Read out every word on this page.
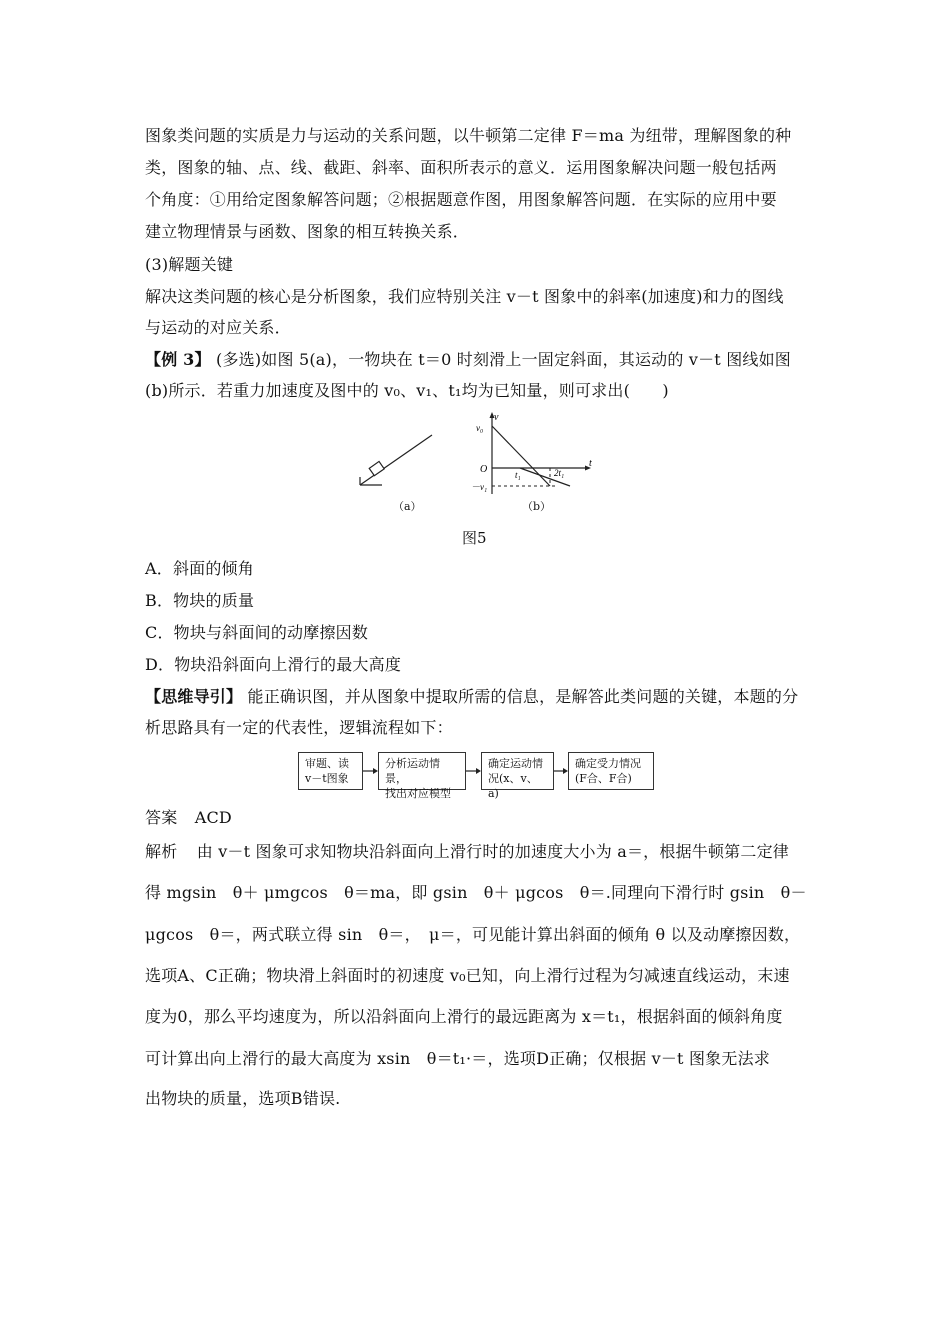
图象类问题的实质是力与运动的关系问题，以牛顿第二定律 F＝ma 为纽带，理解图象的种
类，图象的轴、点、线、截距、斜率、面积所表示的意义．运用图象解决问题一般包括两
个角度：①用给定图象解答问题；②根据题意作图，用图象解答问题．在实际的应用中要
建立物理情景与函数、图象的相互转换关系．
(3)解题关键
解决这类问题的核心是分析图象，我们应特别关注 v－t 图象中的斜率(加速度)和力的图线
与运动的对应关系．
【例 3】 (多选)如图 5(a)，一物块在 t＝0 时刻滑上一固定斜面，其运动的 v－t 图线如图
(b)所示．若重力加速度及图中的 v₀、v₁、t₁均为已知量，则可求出(　　)
（a）
v
t
v₀
－v₁
O	t₁	2t₁
（b）
图5
A．斜面的倾角
B．物块的质量
C．物块与斜面间的动摩擦因数
D．物块沿斜面向上滑行的最大高度
【思维导引】 能正确识图，并从图象中提取所需的信息，是解答此类问题的关键，本题的分
析思路具有一定的代表性，逻辑流程如下：
审题、读
v－t图象
分析运动情景，
找出对应模型
确定运动情
况(x、v、a)
确定受力情况
(F合、F合)
答案 ACD
解析 由 v－t 图象可求知物块沿斜面向上滑行时的加速度大小为 a＝，根据牛顿第二定律
得 mgsin　θ＋ μmgcos　θ＝ma，即 gsin　θ＋ μgcos　θ＝.同理向下滑行时 gsin　θ－
μgcos　θ＝，两式联立得 sin　θ＝，　μ＝，可见能计算出斜面的倾角 θ 以及动摩擦因数，
选项A、C正确；物块滑上斜面时的初速度 v₀已知，向上滑行过程为匀减速直线运动，末速
度为0，那么平均速度为，所以沿斜面向上滑行的最远距离为 x＝t₁，根据斜面的倾斜角度
可计算出向上滑行的最大高度为 xsin　θ＝t₁·＝，选项D正确；仅根据 v－t 图象无法求
出物块的质量，选项B错误.
